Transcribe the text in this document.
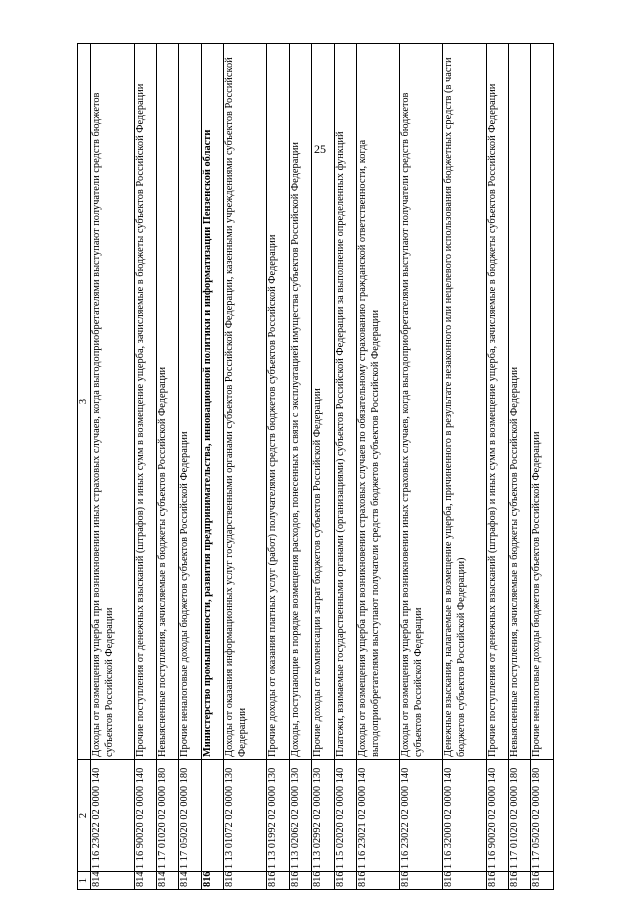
25
1	2	3
814	1 16 23022 02 0000 140	Доходы от возмещения ущерба при возникновении иных страховых случаев, когда выгодоприобретателями выступают получатели средств бюджетов субъектов Российской Федерации
814	1 16 90020 02 0000 140	Прочие поступления от денежных взысканий (штрафов) и иных сумм в возмещение ущерба, зачисляемые в бюджеты субъектов Российской Федерации
814	1 17 01020 02 0000 180	Невыясненные поступления, зачисляемые в бюджеты субъектов Российской Федерации
814	1 17 05020 02 0000 180	Прочие неналоговые доходы бюджетов субъектов Российской Федерации
816		Министерство промышленности, развития предпринимательства, инновационной политики и информатизации Пензенской области
816	1 13 01072 02 0000 130	Доходы от оказания информационных услуг государственными органами субъектов Российской Федерации, казенными учреждениями субъектов Российской Федерации
816	1 13 01992 02 0000 130	Прочие доходы от оказания платных услуг (работ) получателями средств бюджетов субъектов Российской Федерации
816	1 13 02062 02 0000 130	Доходы, поступающие в порядке возмещения расходов, понесенных в связи с эксплуатацией имущества субъектов Российской Федерации
816	1 13 02992 02 0000 130	Прочие доходы от компенсации затрат бюджетов субъектов Российской Федерации
816	1 15 02020 02 0000 140	Платежи, взимаемые государственными органами (организациями) субъектов Российской Федерации за выполнение определенных функций
816	1 16 23021 02 0000 140	Доходы от возмещения ущерба при возникновении страховых случаев по обязательному страхованию гражданской ответственности, когда выгодоприобретателями выступают получатели средств бюджетов субъектов Российской Федерации
816	1 16 23022 02 0000 140	Доходы от возмещения ущерба при возникновении иных страховых случаев, когда выгодоприобретателями выступают получатели средств бюджетов субъектов Российской Федерации
816	1 16 32000 02 0000 140	Денежные взыскания, налагаемые в возмещение ущерба, причиненного в результате незаконного или нецелевого использования бюджетных средств (в части бюджетов субъектов Российской Федерации)
816	1 16 90020 02 0000 140	Прочие поступления от денежных взысканий (штрафов) и иных сумм в возмещение ущерба, зачисляемые в бюджеты субъектов Российской Федерации
816	1 17 01020 02 0000 180	Невыясненные поступления, зачисляемые в бюджеты субъектов Российской Федерации
816	1 17 05020 02 0000 180	Прочие неналоговые доходы бюджетов субъектов Российской Федерации
